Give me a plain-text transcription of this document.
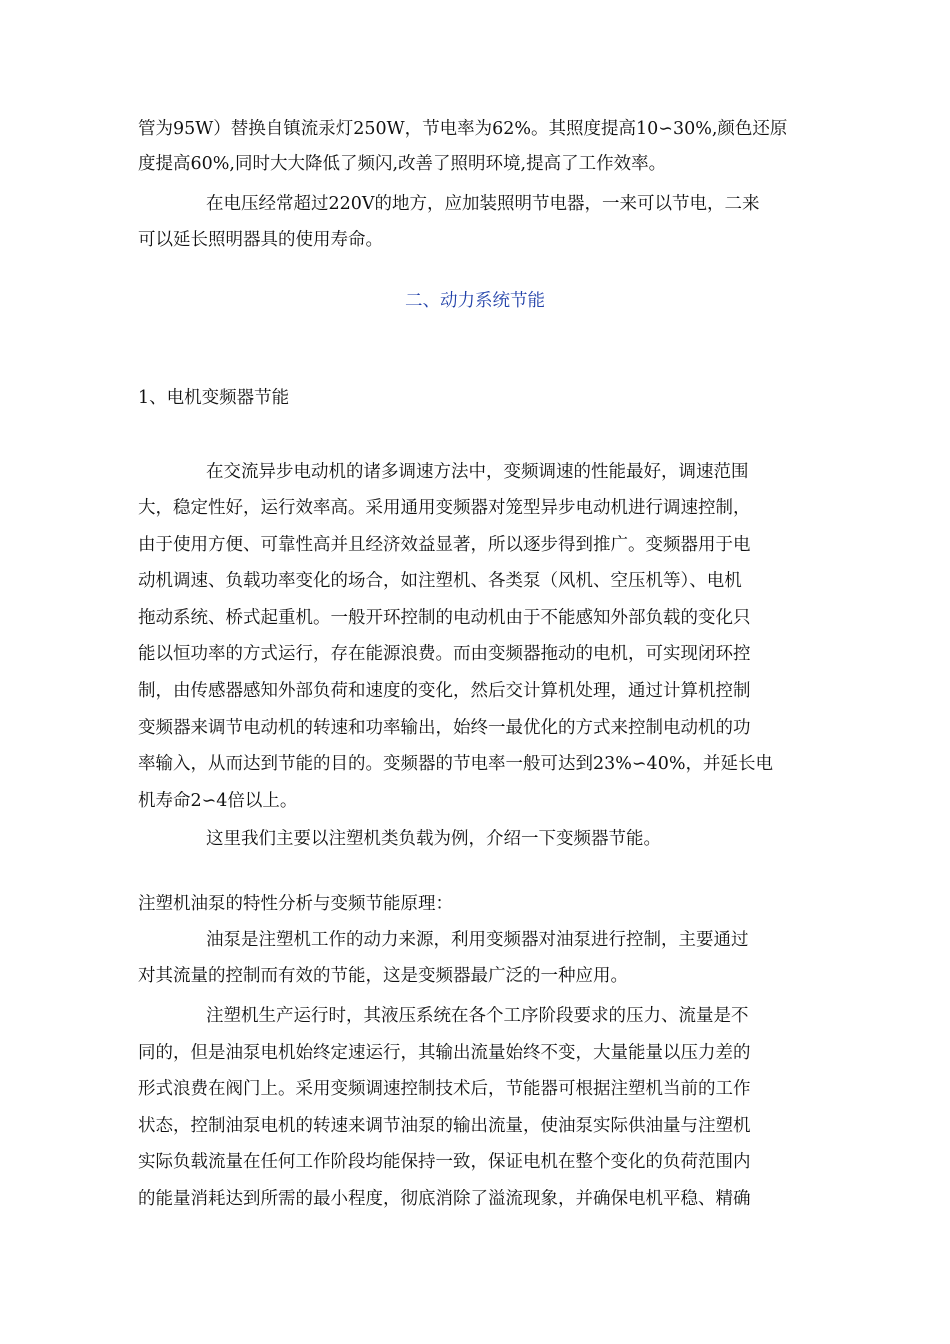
管为95W）替换自镇流汞灯250W，节电率为62%。其照度提高10∽30%,颜色还原
度提高60%,同时大大降低了频闪,改善了照明环境,提高了工作效率。
在电压经常超过220V的地方，应加装照明节电器，一来可以节电，二来
可以延长照明器具的使用寿命。
二、动力系统节能
1、电机变频器节能
在交流异步电动机的诸多调速方法中，变频调速的性能最好，调速范围
大，稳定性好，运行效率高。采用通用变频器对笼型异步电动机进行调速控制，
由于使用方便、可靠性高并且经济效益显著，所以逐步得到推广。变频器用于电
动机调速、负载功率变化的场合，如注塑机、各类泵（风机、空压机等）、电机
拖动系统、桥式起重机。一般开环控制的电动机由于不能感知外部负载的变化只
能以恒功率的方式运行，存在能源浪费。而由变频器拖动的电机，可实现闭环控
制，由传感器感知外部负荷和速度的变化，然后交计算机处理，通过计算机控制
变频器来调节电动机的转速和功率输出，始终一最优化的方式来控制电动机的功
率输入，从而达到节能的目的。变频器的节电率一般可达到23%∽40%，并延长电
机寿命2∽4倍以上。
这里我们主要以注塑机类负载为例，介绍一下变频器节能。
注塑机油泵的特性分析与变频节能原理：
油泵是注塑机工作的动力来源，利用变频器对油泵进行控制，主要通过
对其流量的控制而有效的节能，这是变频器最广泛的一种应用。
注塑机生产运行时，其液压系统在各个工序阶段要求的压力、流量是不
同的，但是油泵电机始终定速运行，其输出流量始终不变，大量能量以压力差的
形式浪费在阀门上。采用变频调速控制技术后，节能器可根据注塑机当前的工作
状态，控制油泵电机的转速来调节油泵的输出流量，使油泵实际供油量与注塑机
实际负载流量在任何工作阶段均能保持一致，保证电机在整个变化的负荷范围内
的能量消耗达到所需的最小程度，彻底消除了溢流现象，并确保电机平稳、精确
